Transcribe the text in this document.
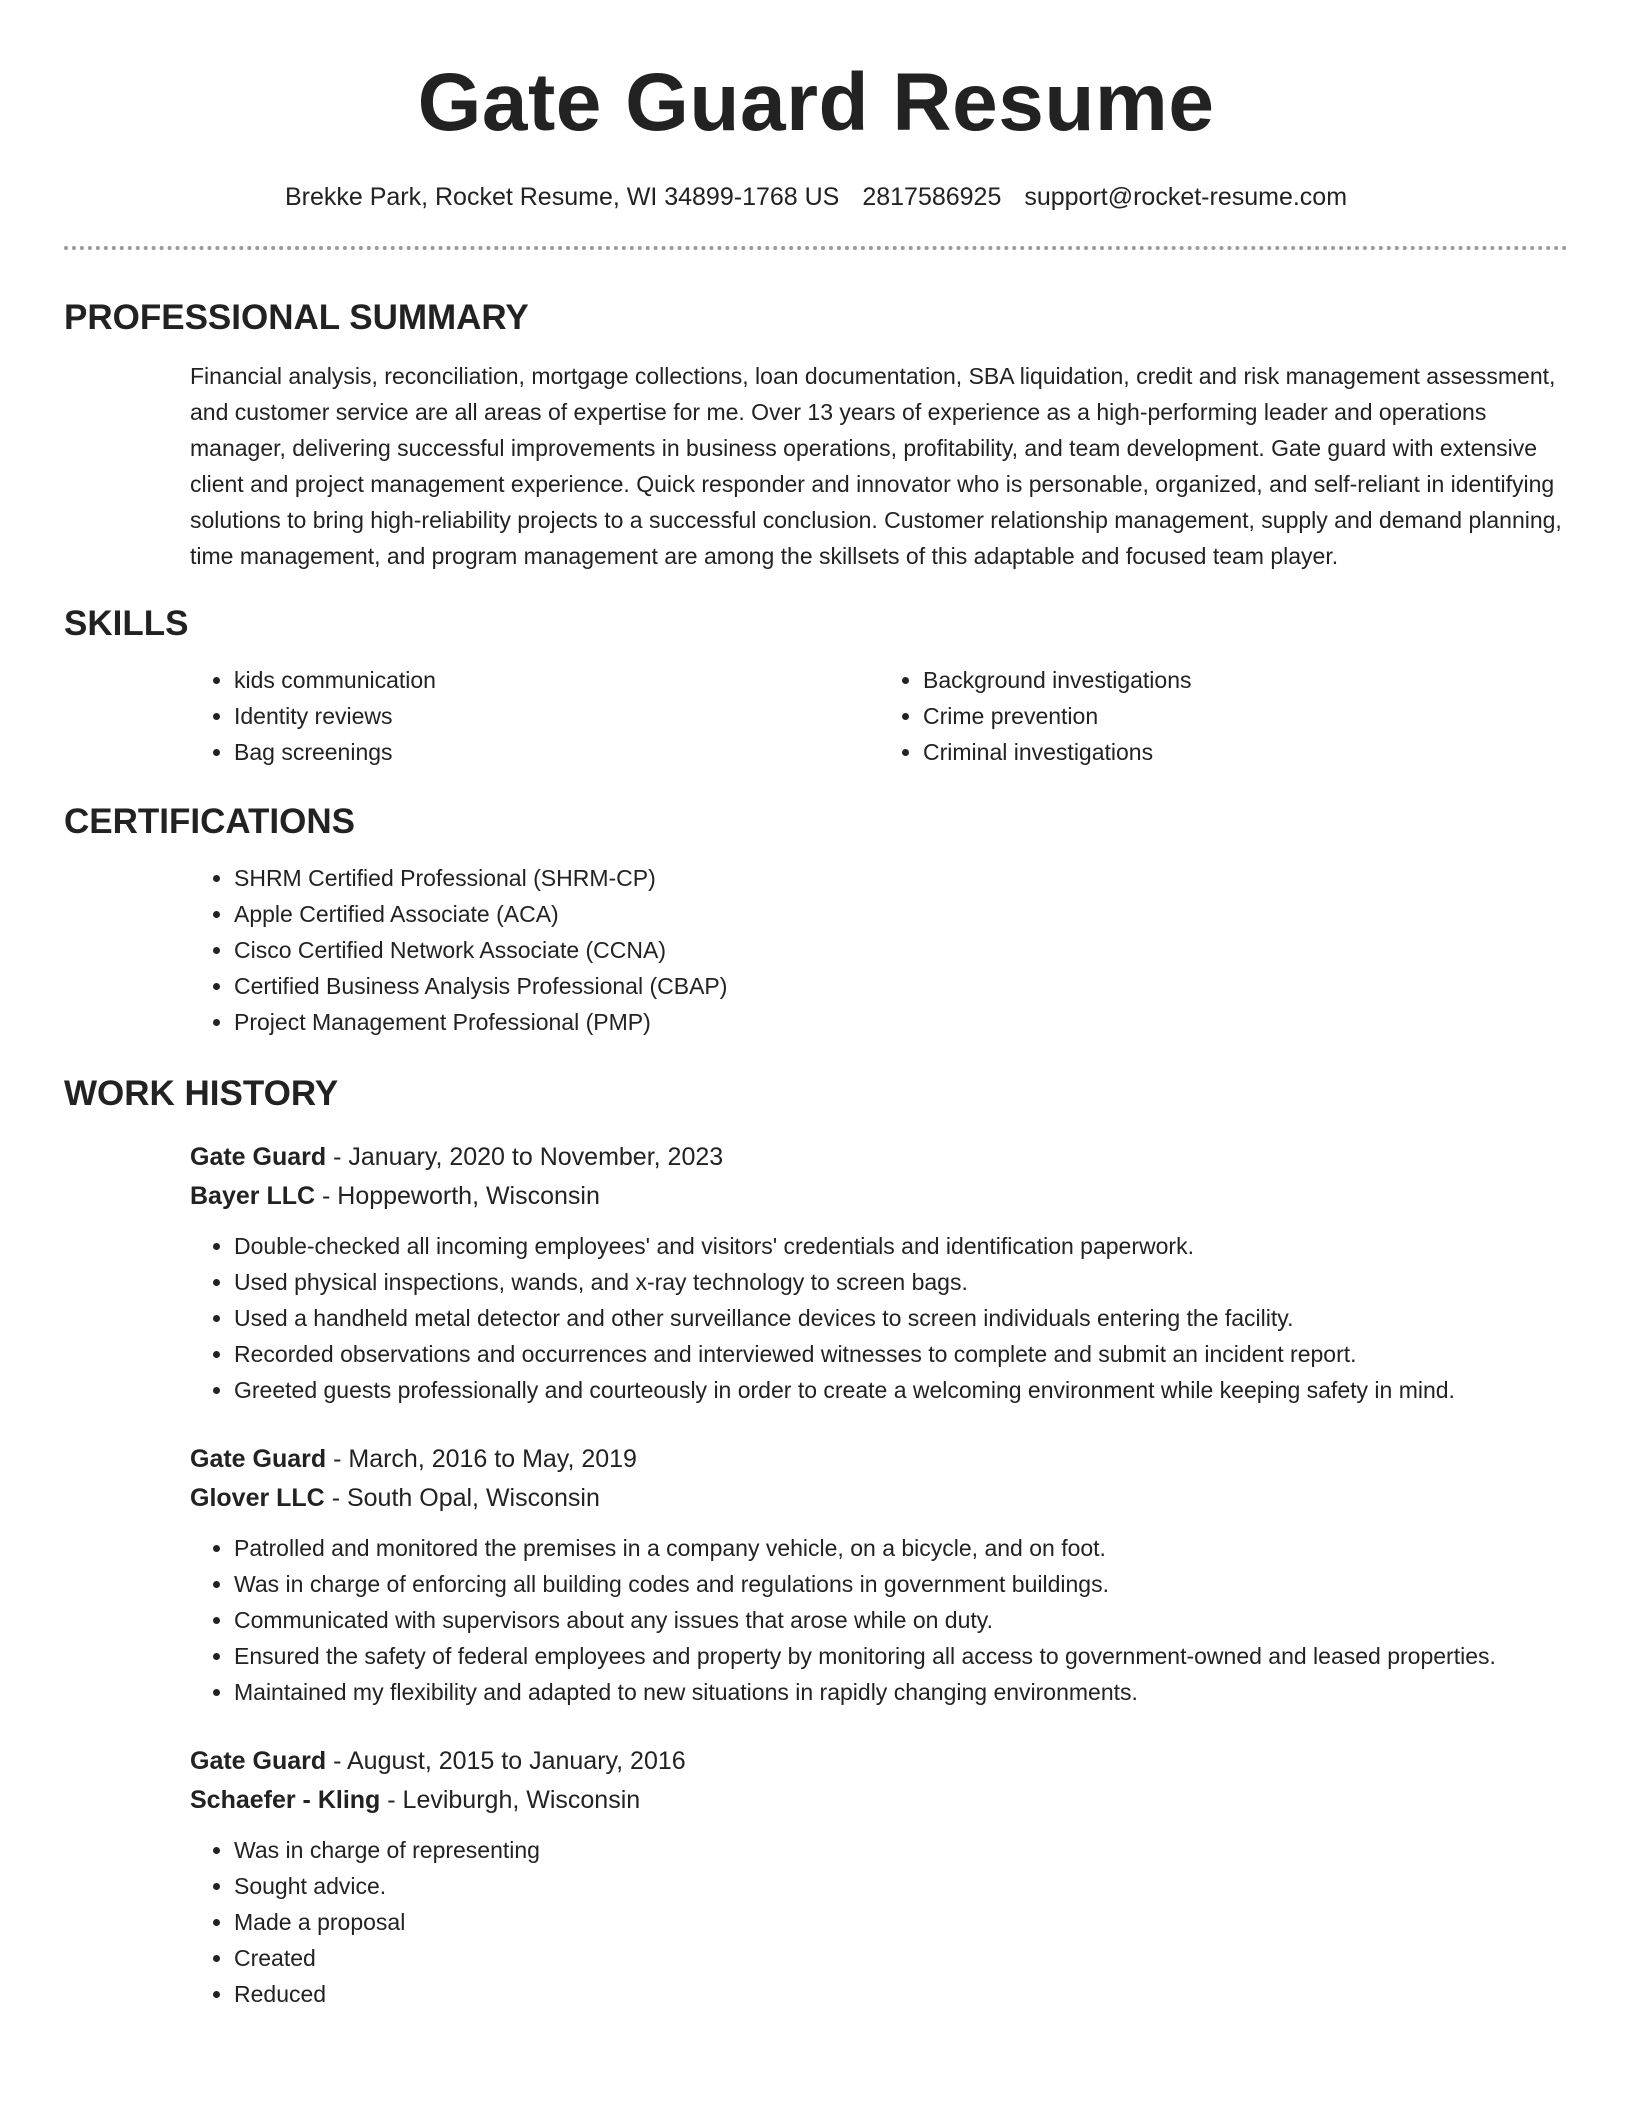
Gate Guard Resume
Brekke Park, Rocket Resume, WI 34899-1768 US 2817586925 support@rocket-resume.com
PROFESSIONAL SUMMARY

Financial analysis, reconciliation, mortgage collections, loan documentation, SBA liquidation, credit and risk management assessment, and customer service are all areas of expertise for me. Over 13 years of experience as a high-performing leader and operations manager, delivering successful improvements in business operations, profitability, and team development. Gate guard with extensive client and project management experience. Quick responder and innovator who is personable, organized, and self-reliant in identifying solutions to bring high-reliability projects to a successful conclusion. Customer relationship management, supply and demand planning, time management, and program management are among the skillsets of this adaptable and focused team player.

SKILLS
• kids communication
• Identity reviews
• Bag screenings
• Background investigations
• Crime prevention
• Criminal investigations
CERTIFICATIONS
• SHRM Certified Professional (SHRM-CP)
• Apple Certified Associate (ACA)
• Cisco Certified Network Associate (CCNA)
• Certified Business Analysis Professional (CBAP)
• Project Management Professional (PMP)
WORK HISTORY
Gate Guard - January, 2020 to November, 2023
Bayer LLC - Hoppeworth, Wisconsin
• Double-checked all incoming employees' and visitors' credentials and identification paperwork.
• Used physical inspections, wands, and x-ray technology to screen bags.
• Used a handheld metal detector and other surveillance devices to screen individuals entering the facility.
• Recorded observations and occurrences and interviewed witnesses to complete and submit an incident report.
• Greeted guests professionally and courteously in order to create a welcoming environment while keeping safety in mind.
Gate Guard - March, 2016 to May, 2019
Glover LLC - South Opal, Wisconsin
• Patrolled and monitored the premises in a company vehicle, on a bicycle, and on foot.
• Was in charge of enforcing all building codes and regulations in government buildings.
• Communicated with supervisors about any issues that arose while on duty.
• Ensured the safety of federal employees and property by monitoring all access to government-owned and leased properties.
• Maintained my flexibility and adapted to new situations in rapidly changing environments.
Gate Guard - August, 2015 to January, 2016
Schaefer - Kling - Leviburgh, Wisconsin
• Was in charge of representing
• Sought advice.
• Made a proposal
• Created
• Reduced
